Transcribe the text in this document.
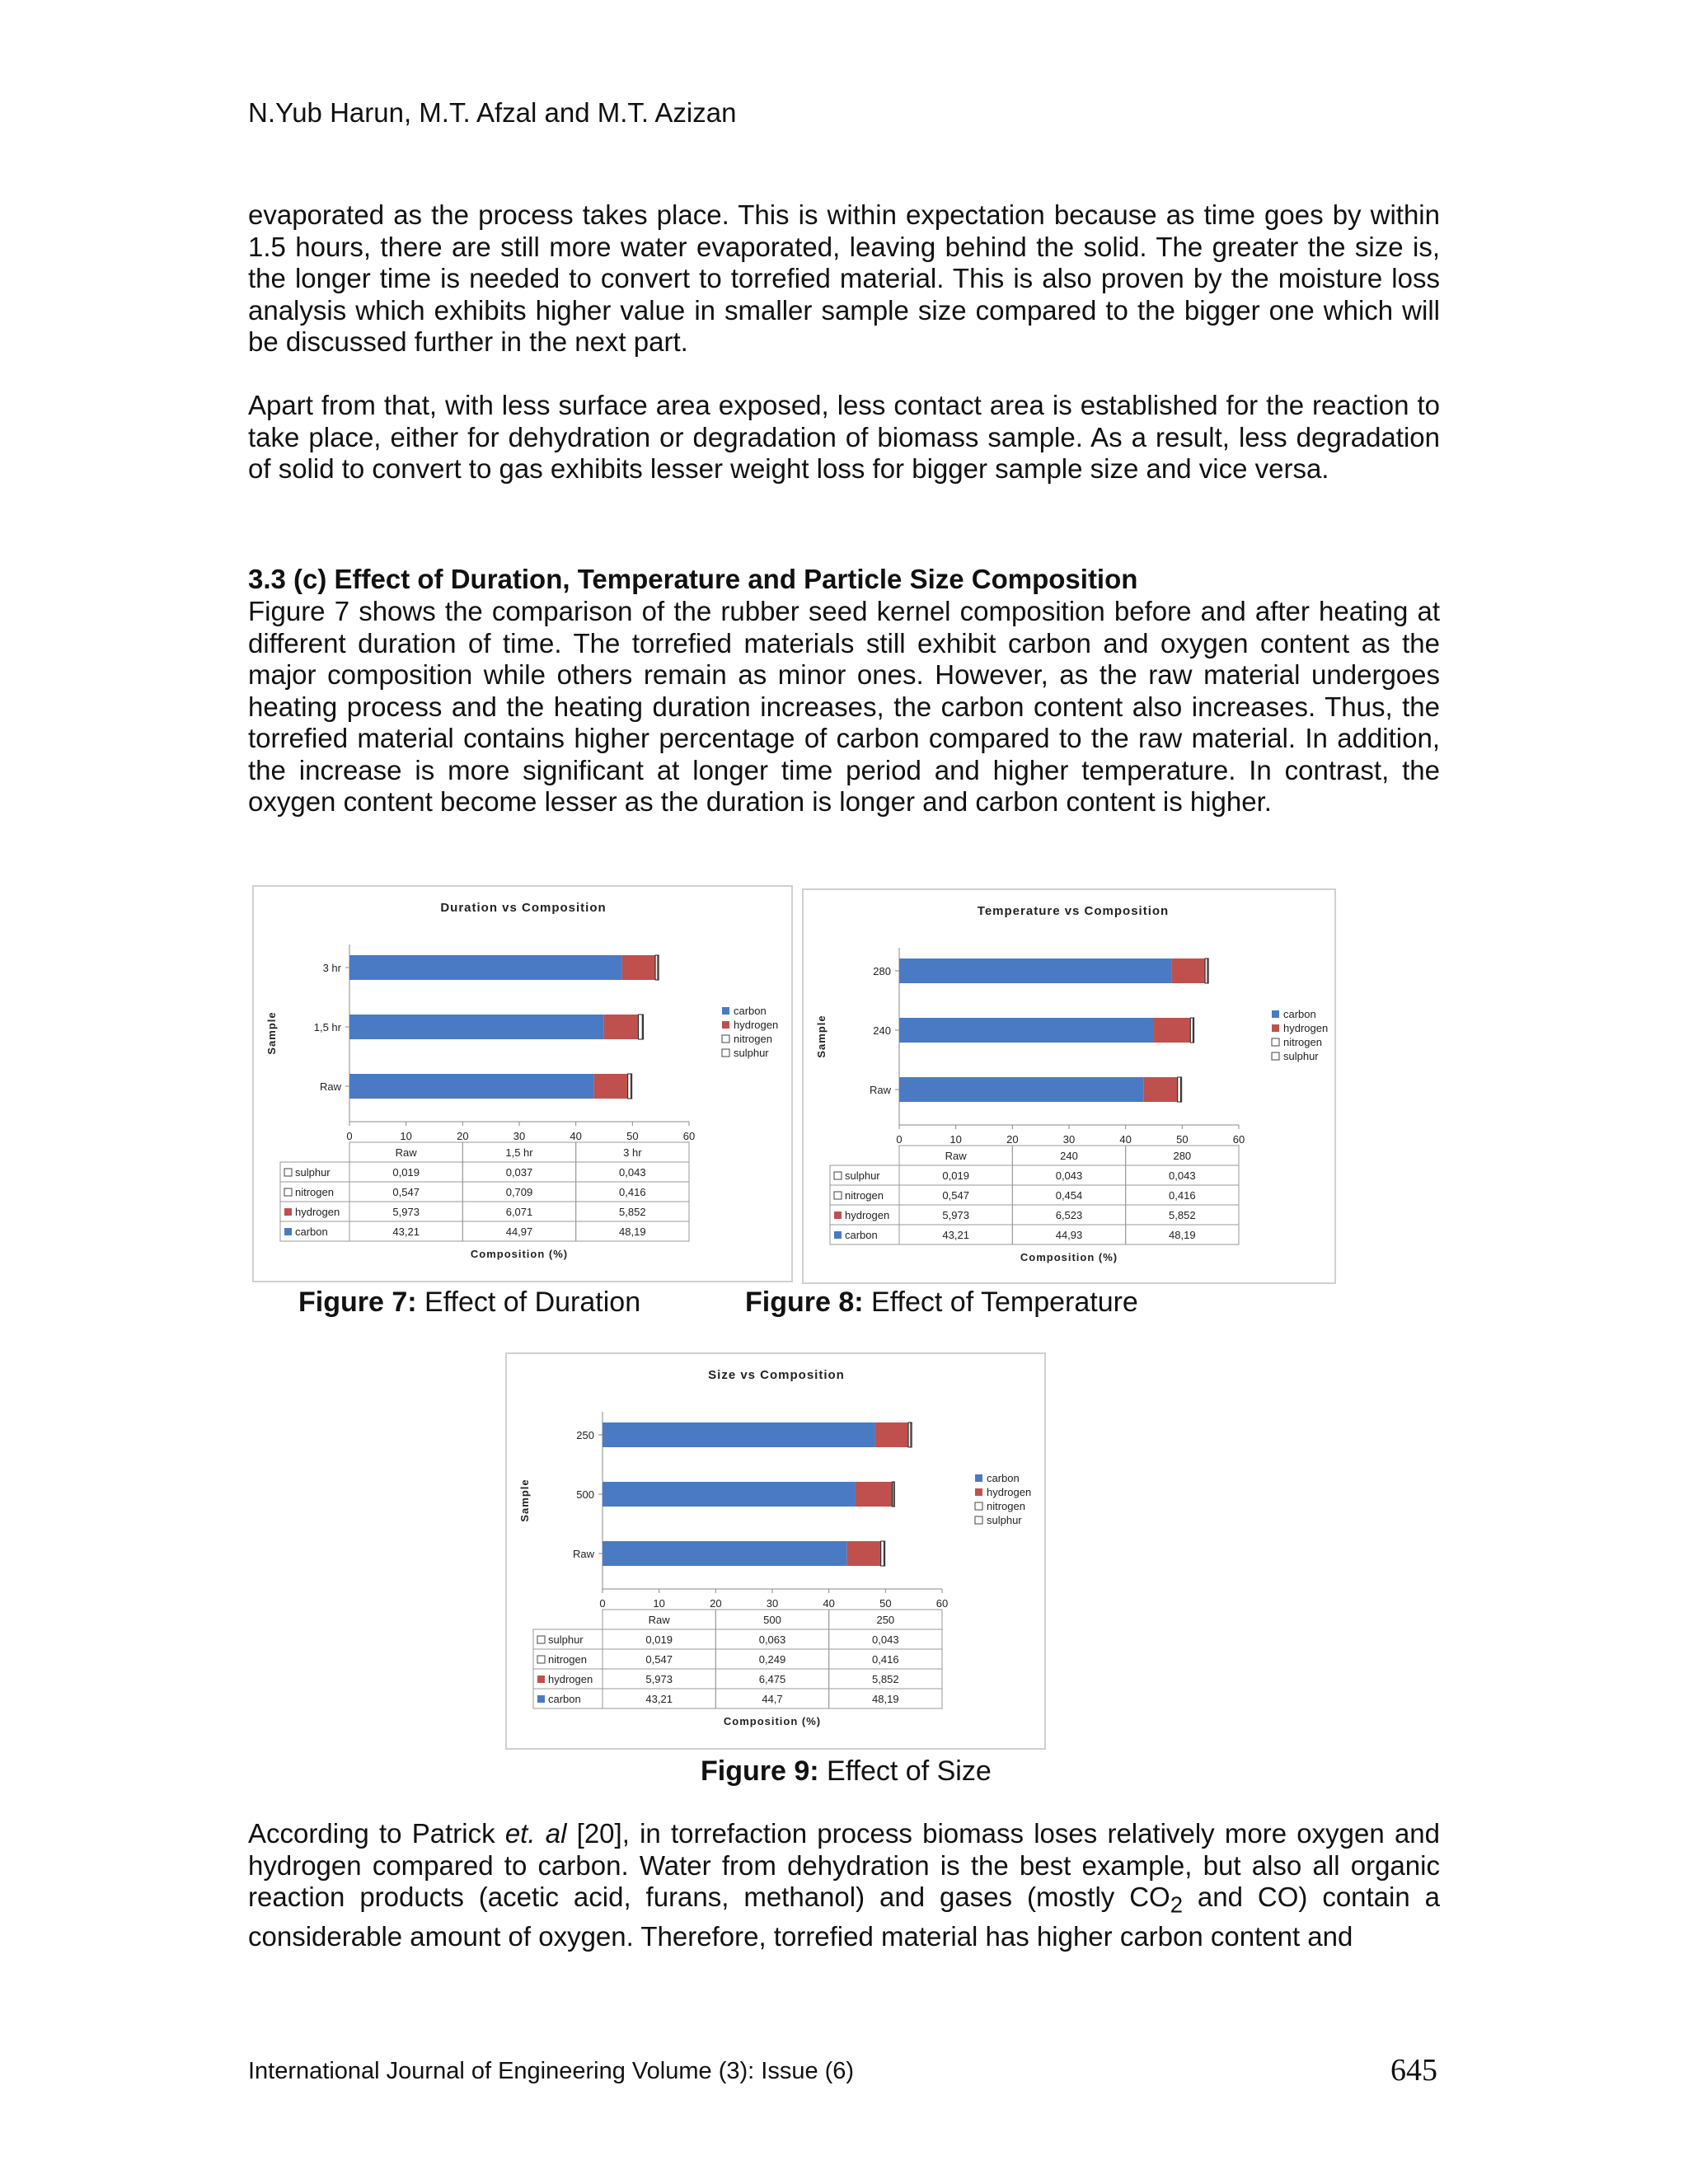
N.Yub Harun, M.T. Afzal and M.T. Azizan

evaporated as the process takes place. This is within expectation because as time goes by within 1.5 hours, there are still more water evaporated, leaving behind the solid. The greater the size is, the longer time is needed to convert to torrefied material. This is also proven by the moisture loss analysis which exhibits higher value in smaller sample size compared to the bigger one which will be discussed further in the next part.

Apart from that, with less surface area exposed, less contact area is established for the reaction to take place, either for dehydration or degradation of biomass sample. As a result, less degradation of solid to convert to gas exhibits lesser weight loss for bigger sample size and vice versa.

3.3 (c) Effect of Duration, Temperature and Particle Size Composition

Figure 7 shows the comparison of the rubber seed kernel composition before and after heating at different duration of time. The torrefied materials still exhibit carbon and oxygen content as the major composition while others remain as minor ones. However, as the raw material undergoes heating process and the heating duration increases, the carbon content also increases. Thus, the torrefied material contains higher percentage of carbon compared to the raw material. In addition, the increase is more significant at longer time period and higher temperature. In contrast, the oxygen content become lesser as the duration is longer and carbon content is higher.

Duration vs Composition
Sample
0	10	20	30	40	50	60
Raw
1,5 hr
3 hr
carbon
hydrogen
nitrogen
sulphur
Raw	1,5 hr	3 hr
sulphur	0,019	0,037	0,043
nitrogen	0,547	0,709	0,416
hydrogen	5,973	6,071	5,852
carbon	43,21	44,97	48,19
Composition (%)
Temperature vs Composition
Sample
0	10	20	30	40	50	60
Raw
240
280
carbon
hydrogen
nitrogen
sulphur
Raw	240	280
sulphur	0,019	0,043	0,043
nitrogen	0,547	0,454	0,416
hydrogen	5,973	6,523	5,852
carbon	43,21	44,93	48,19
Composition (%)
Size vs Composition
Sample
0	10	20	30	40	50	60
Raw
500
250
carbon
hydrogen
nitrogen
sulphur
Raw	500	250
sulphur	0,019	0,063	0,043
nitrogen	0,547	0,249	0,416
hydrogen	5,973	6,475	5,852
carbon	43,21	44,7	48,19
Composition (%)
Figure 7: Effect of Duration	Figure 8: Effect of Temperature
Figure 9: Effect of Size

According to Patrick et. al [20], in torrefaction process biomass loses relatively more oxygen and hydrogen compared to carbon. Water from dehydration is the best example, but also all organic reaction products (acetic acid, furans, methanol) and gases (mostly $CO_2$ and CO) contain a considerable amount of oxygen. Therefore, torrefied material has higher carbon content and

International Journal of Engineering Volume (3): Issue (6)	645
